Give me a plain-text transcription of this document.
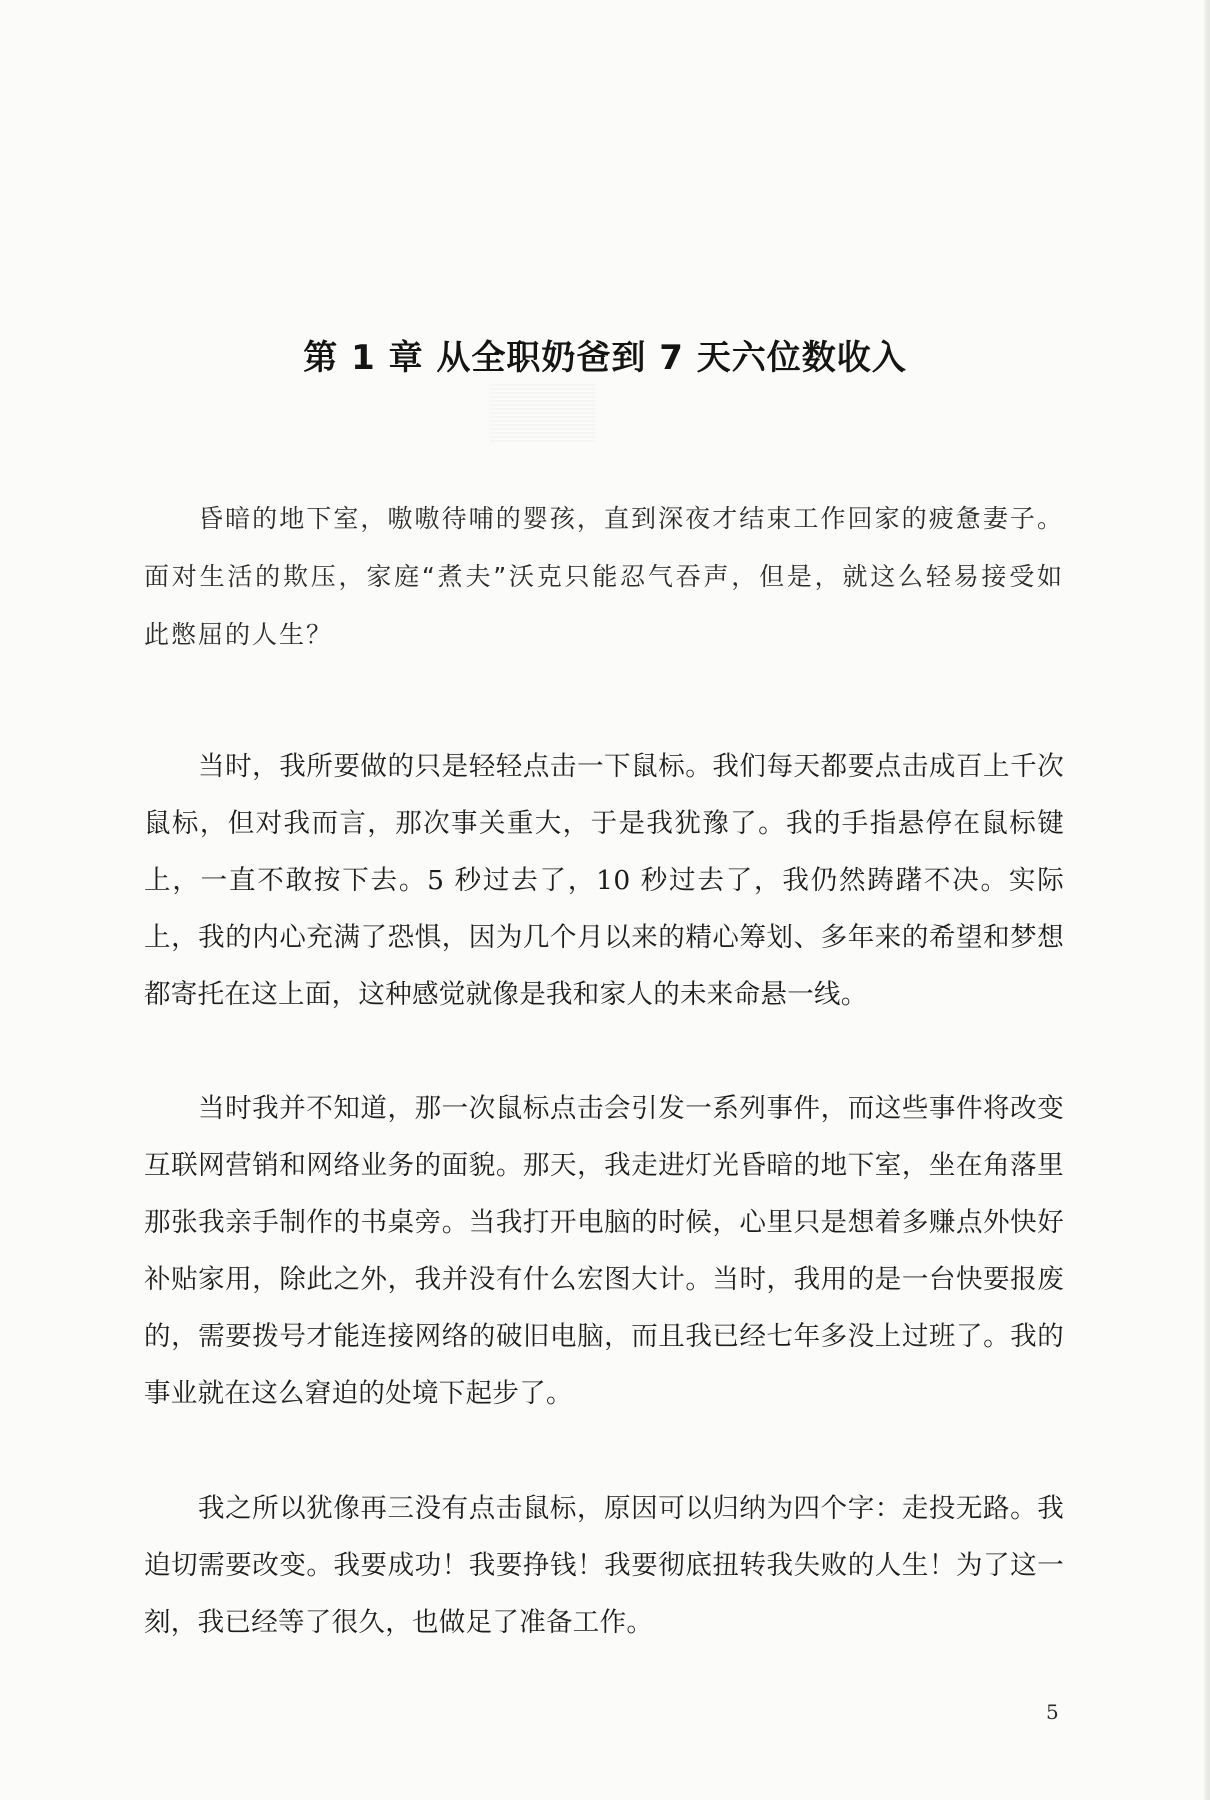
第 1 章 从全职奶爸到 7 天六位数收入

昏暗的地下室，嗷嗷待哺的婴孩，直到深夜才结束工作回家的疲惫妻子。面对生活的欺压，家庭“煮夫”沃克只能忍气吞声，但是，就这么轻易接受如此憋屈的人生？

当时，我所要做的只是轻轻点击一下鼠标。我们每天都要点击成百上千次鼠标，但对我而言，那次事关重大，于是我犹豫了。我的手指悬停在鼠标键上，一直不敢按下去。5 秒过去了，10 秒过去了，我仍然踌躇不决。实际上，我的内心充满了恐惧，因为几个月以来的精心筹划、多年来的希望和梦想都寄托在这上面，这种感觉就像是我和家人的未来命悬一线。

当时我并不知道，那一次鼠标点击会引发一系列事件，而这些事件将改变互联网营销和网络业务的面貌。那天，我走进灯光昏暗的地下室，坐在角落里那张我亲手制作的书桌旁。当我打开电脑的时候，心里只是想着多赚点外快好补贴家用，除此之外，我并没有什么宏图大计。当时，我用的是一台快要报废的，需要拨号才能连接网络的破旧电脑，而且我已经七年多没上过班了。我的事业就在这么窘迫的处境下起步了。

我之所以犹像再三没有点击鼠标，原因可以归纳为四个字：走投无路。我迫切需要改变。我要成功！我要挣钱！我要彻底扭转我失败的人生！为了这一刻，我已经等了很久，也做足了准备工作。

5
